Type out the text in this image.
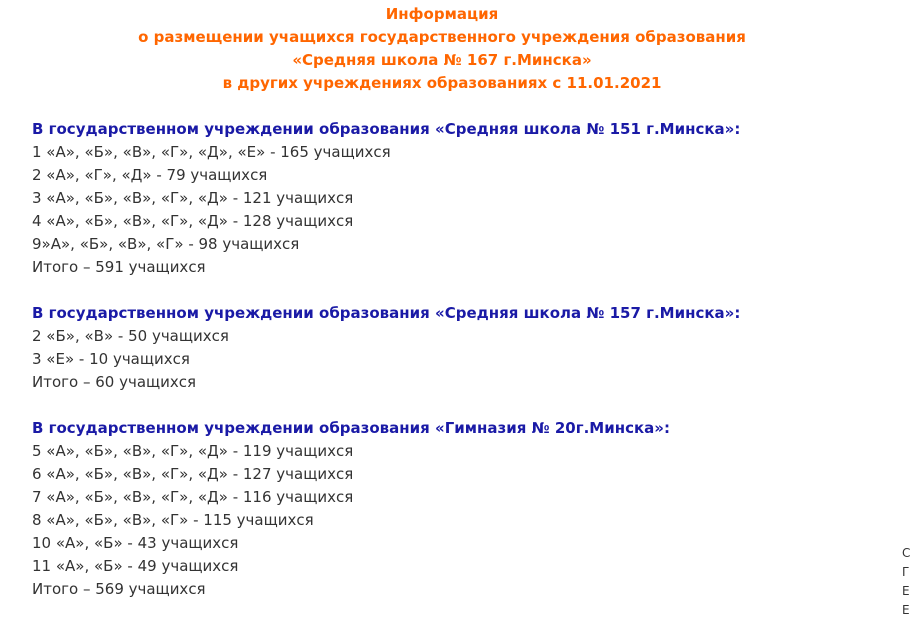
Информация
о размещении учащихся государственного учреждения образования
«Средняя школа № 167 г.Минска»
в других учреждениях образованиях с 11.01.2021
В государственном учреждении образования «Средняя школа № 151 г.Минска»:
1 «А», «Б», «В», «Г», «Д», «Е» - 165 учащихся
2 «А», «Г», «Д» - 79 учащихся
3 «А», «Б», «В», «Г», «Д» - 121 учащихся
4 «А», «Б», «В», «Г», «Д» - 128 учащихся
9»А», «Б», «В», «Г» - 98 учащихся
Итого – 591 учащихся
В государственном учреждении образования «Средняя школа № 157 г.Минска»:
2 «Б», «В» - 50 учащихся
3 «Е» - 10 учащихся
Итого – 60 учащихся
В государственном учреждении образования «Гимназия № 20г.Минска»:
5 «А», «Б», «В», «Г», «Д» - 119 учащихся
6 «А», «Б», «В», «Г», «Д» - 127 учащихся
7 «А», «Б», «В», «Г», «Д» - 116 учащихся
8 «А», «Б», «В», «Г» - 115 учащихся
10 «А», «Б» - 43 учащихся
11 «А», «Б» - 49 учащихся
Итого – 569 учащихся
С
Г
Е
Е
